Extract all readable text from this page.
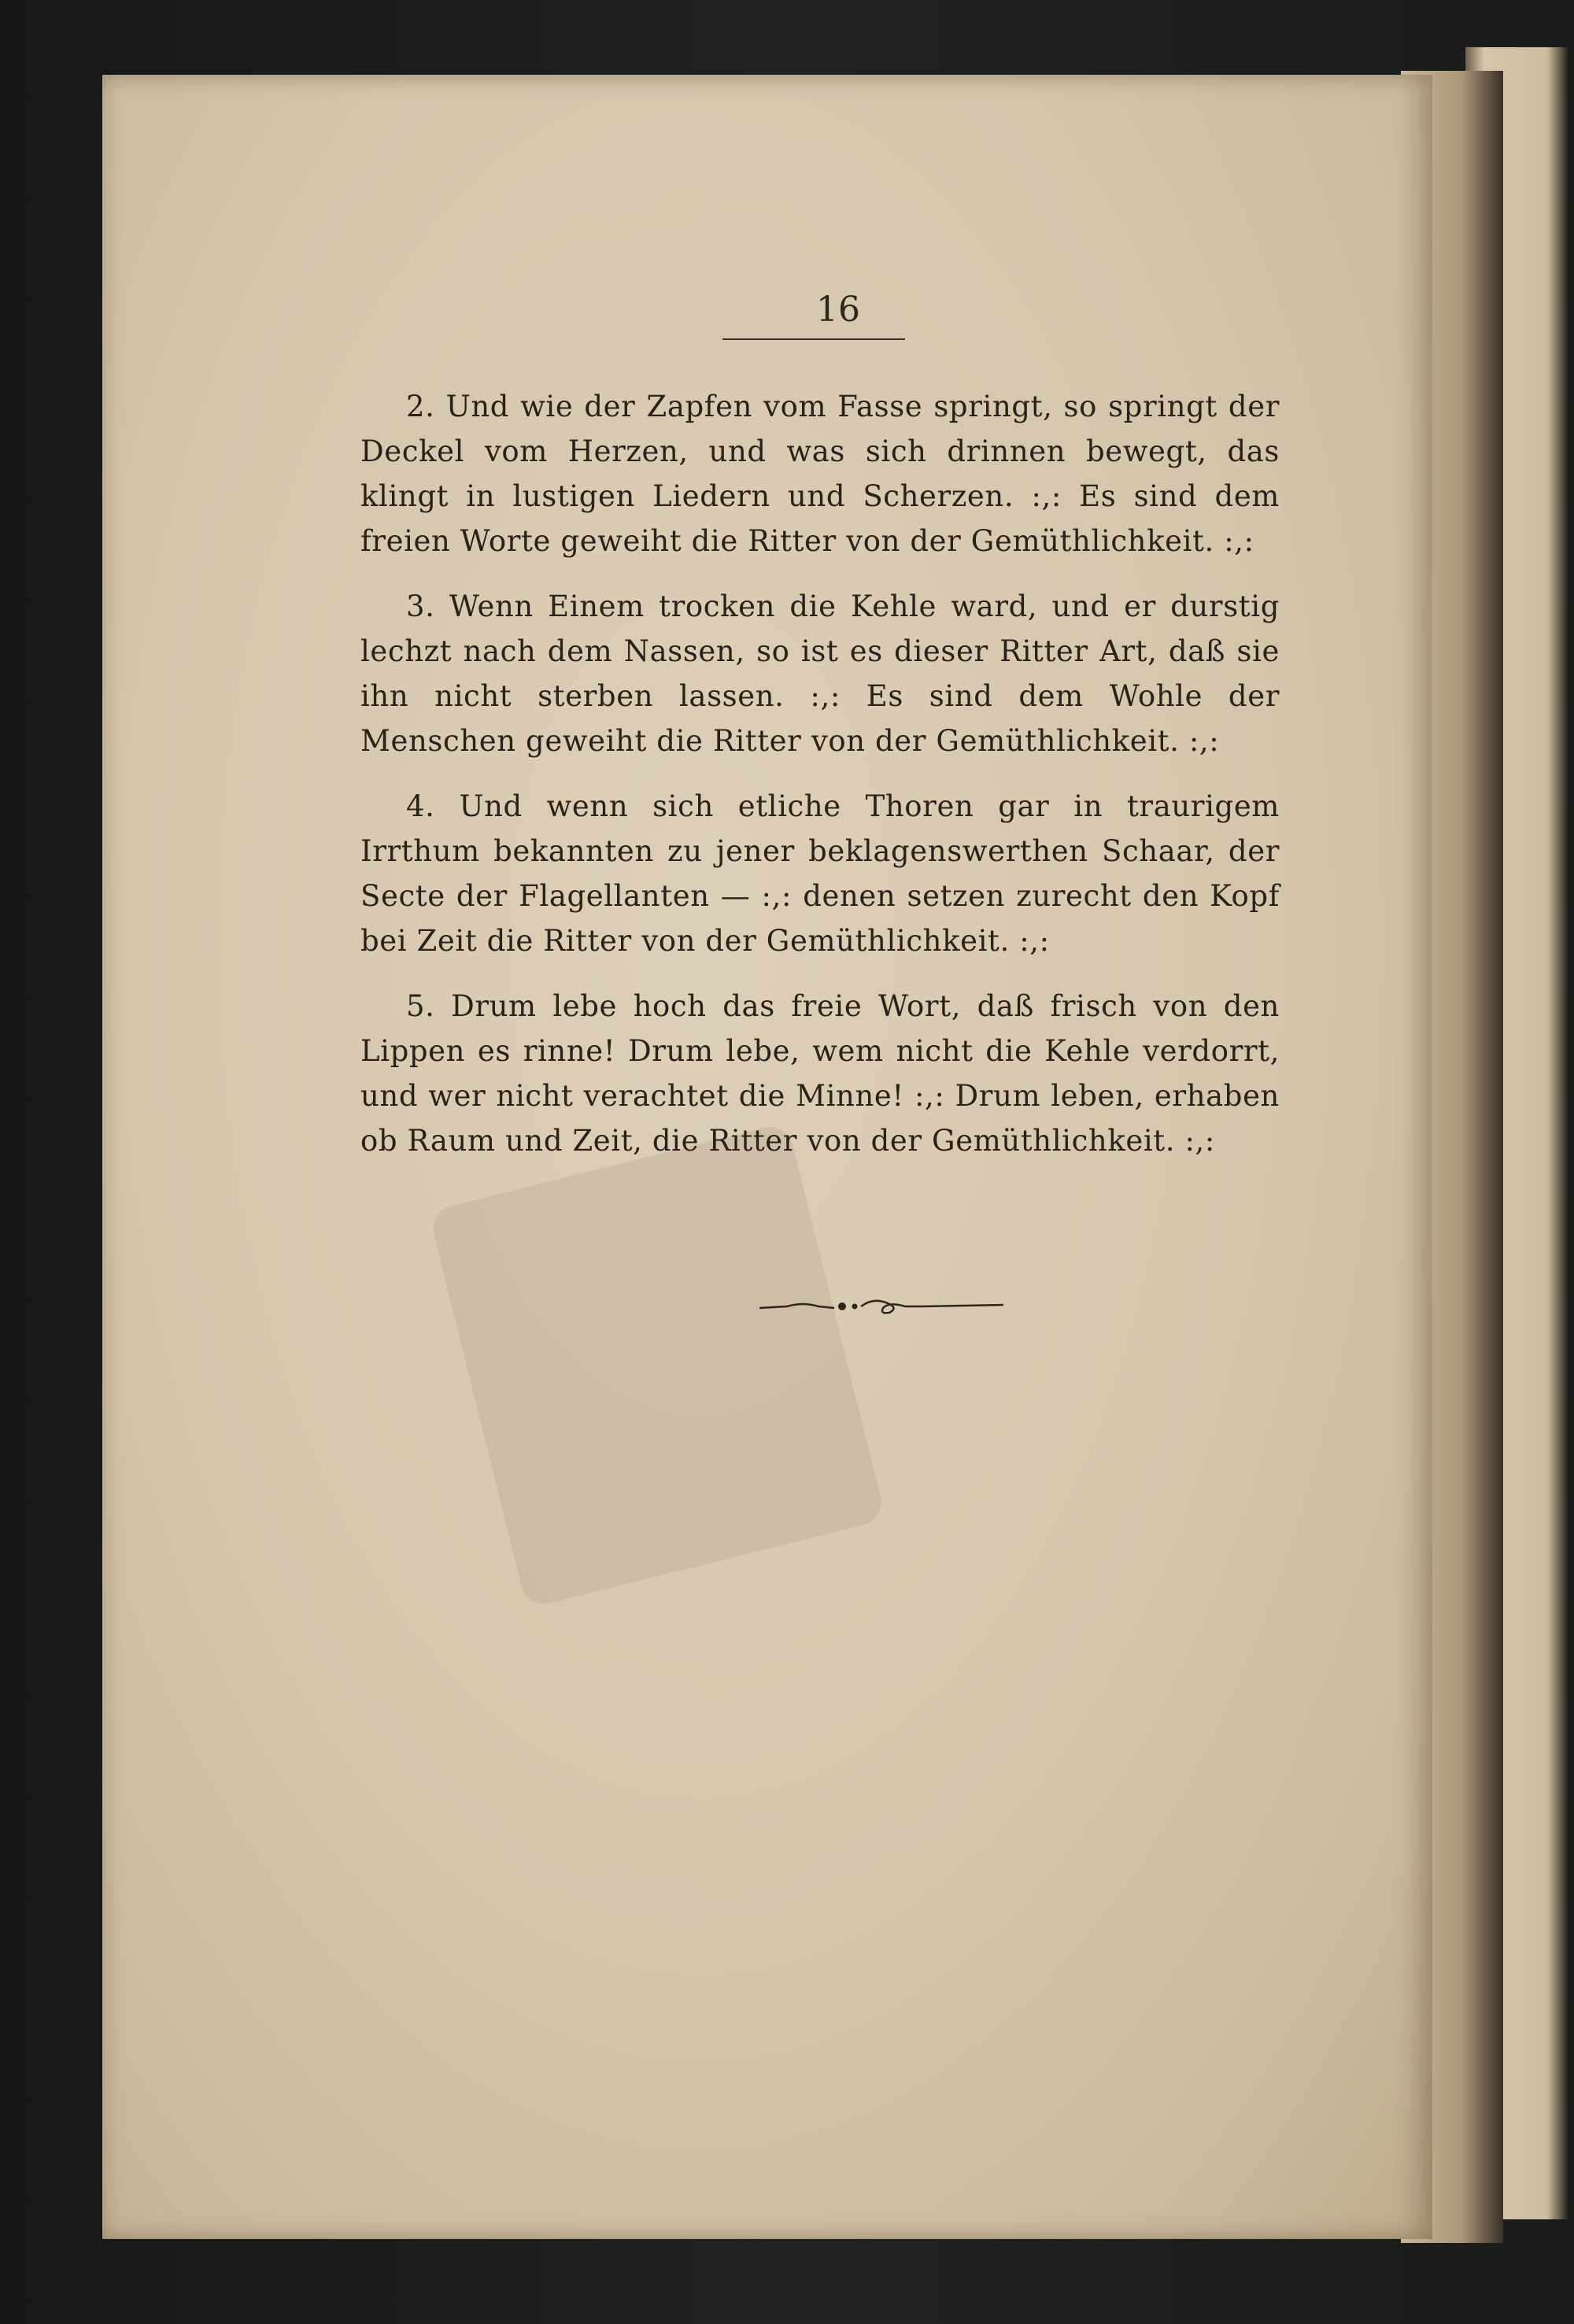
16

2. Und wie der Zapfen vom Fasse springt, so springt der Deckel vom Herzen, und was sich drinnen bewegt, das klingt in lustigen Liedern und Scherzen. :,: Es sind dem freien Worte geweiht die Ritter von der Gemüthlichkeit. :,:

3. Wenn Einem trocken die Kehle ward, und er durstig lechzt nach dem Nassen, so ist es dieser Ritter Art, daß sie ihn nicht sterben lassen. :,: Es sind dem Wohle der Menschen geweiht die Ritter von der Gemüthlichkeit. :,:

4. Und wenn sich etliche Thoren gar in traurigem Irrthum bekannten zu jener beklagenswerthen Schaar, der Secte der Flagellanten — :,: denen setzen zurecht den Kopf bei Zeit die Ritter von der Gemüthlichkeit. :,:

5. Drum lebe hoch das freie Wort, daß frisch von den Lippen es rinne! Drum lebe, wem nicht die Kehle verdorrt, und wer nicht verachtet die Minne! :,: Drum leben, erhaben ob Raum und Zeit, die Ritter von der Gemüthlichkeit. :,:
